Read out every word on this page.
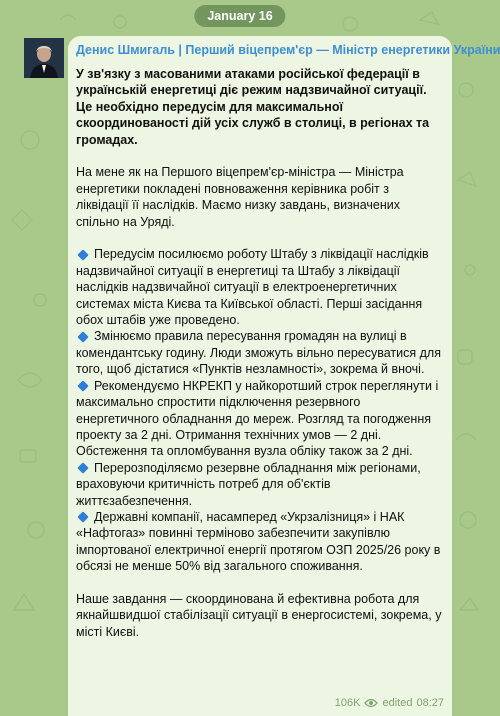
January 16
Денис Шмигаль | Перший віцепрем'єр — Міністр енергетики України

У зв'язку з масованими атаками російської федерації в українській енергетиці діє режим надзвичайної ситуації. Це необхідно передусім для максимальної скоординованості дій усіх служб в столиці, в регіонах та громадах.

На мене як на Першого віцепрем'єр-міністра — Міністра енергетики покладені повноваження керівника робіт з ліквідації її наслідків. Маємо низку завдань, визначених спільно на Уряді.

Передусім посилюємо роботу Штабу з ліквідації наслідків надзвичайної ситуації в енергетиці та Штабу з ліквідації наслідків надзвичайної ситуації в електроенергетичних системах міста Києва та Київської області. Перші засідання обох штабів уже проведено.

Змінюємо правила пересування громадян на вулиці в комендантську годину. Люди зможуть вільно пересуватися для того, щоб дістатися «Пунктів незламності», зокрема й вночі.

Рекомендуємо НКРЕКП у найкоротший строк переглянути і максимально спростити підключення резервного енергетичного обладнання до мереж. Розгляд та погодження проекту за 2 дні. Отримання технічних умов — 2 дні. Обстеження та опломбування вузла обліку також за 2 дні.

Перерозподіляємо резервне обладнання між регіонами, враховуючи критичність потреб для об'єктів життєзабезпечення.

Державні компанії, насамперед «Укрзалізниця» і НАК «Нафтогаз» повинні терміново забезпечити закупівлю імпортованої електричної енергії протягом ОЗП 2025/26 року в обсязі не менше 50% від загального споживання.

Наше завдання — скоординована й ефективна робота для якнайшвидшої стабілізації ситуації в енергосистемі, зокрема, у місті Києві.

106K edited 08:27
